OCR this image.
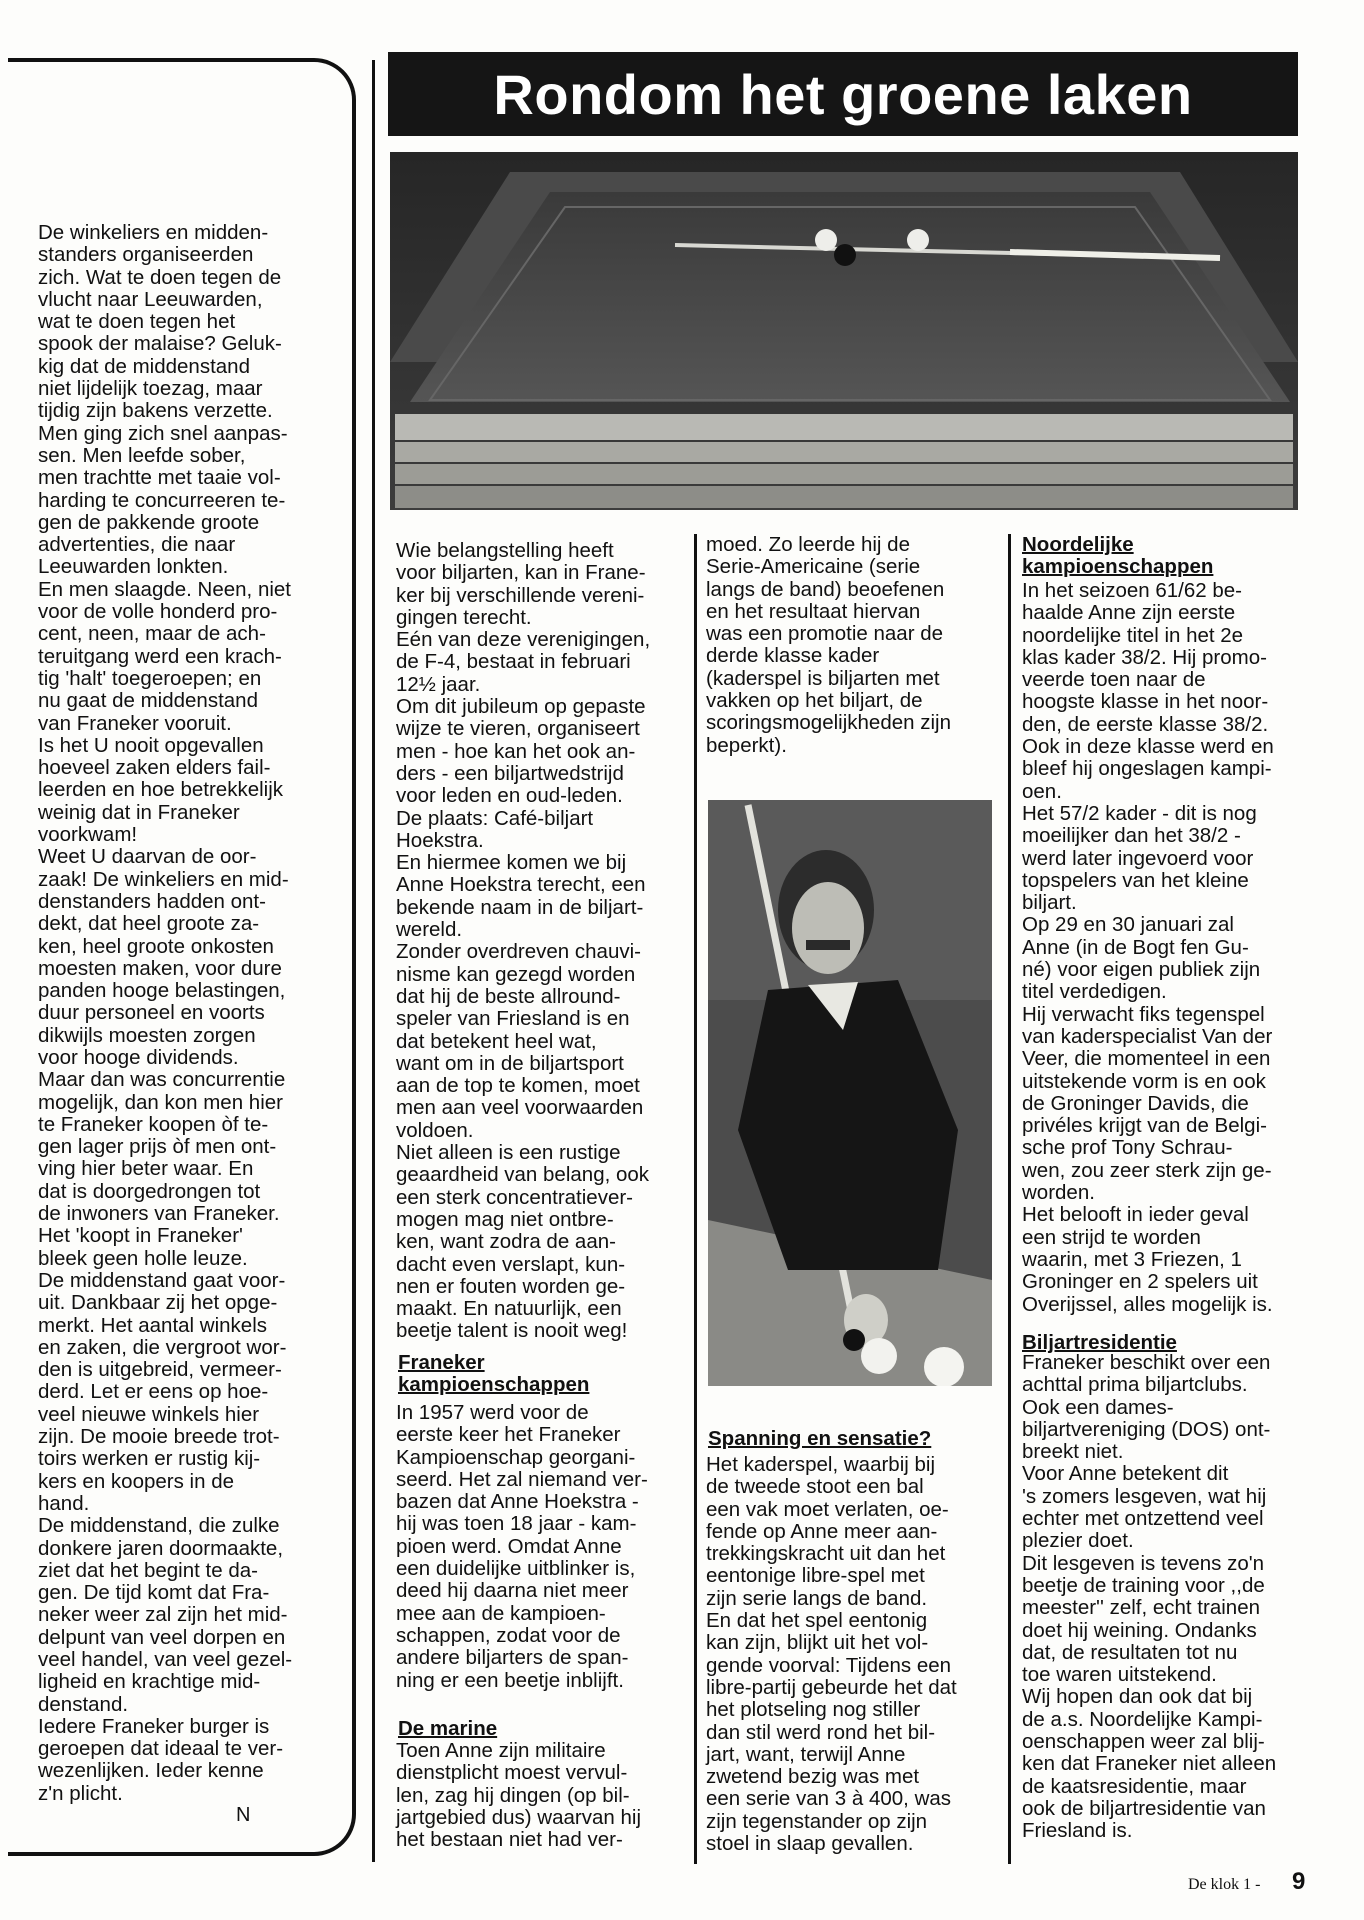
De winkeliers en midden-
standers organiseerden
zich. Wat te doen tegen de
vlucht naar Leeuwarden,
wat te doen tegen het
spook der malaise? Geluk-
kig dat de middenstand
niet lijdelijk toezag, maar
tijdig zijn bakens verzette.
Men ging zich snel aanpas-
sen. Men leefde sober,
men trachtte met taaie vol-
harding te concurreeren te-
gen de pakkende groote
advertenties, die naar
Leeuwarden lonkten.
En men slaagde. Neen, niet
voor de volle honderd pro-
cent, neen, maar de ach-
teruitgang werd een krach-
tig 'halt' toegeroepen; en
nu gaat de middenstand
van Franeker vooruit.
Is het U nooit opgevallen
hoeveel zaken elders fail-
leerden en hoe betrekkelijk
weinig dat in Franeker
voorkwam!
Weet U daarvan de oor-
zaak! De winkeliers en mid-
denstanders hadden ont-
dekt, dat heel groote za-
ken, heel groote onkosten
moesten maken, voor dure
panden hooge belastingen,
duur personeel en voorts
dikwijls moesten zorgen
voor hooge dividends.
Maar dan was concurrentie
mogelijk, dan kon men hier
te Franeker koopen òf te-
gen lager prijs òf men ont-
ving hier beter waar. En
dat is doorgedrongen tot
de inwoners van Franeker.
Het 'koopt in Franeker'
bleek geen holle leuze.
De middenstand gaat voor-
uit. Dankbaar zij het opge-
merkt. Het aantal winkels
en zaken, die vergroot wor-
den is uitgebreid, vermeer-
derd. Let er eens op hoe-
veel nieuwe winkels hier
zijn. De mooie breede trot-
toirs werken er rustig kij-
kers en koopers in de
hand.
De middenstand, die zulke
donkere jaren doormaakte,
ziet dat het begint te da-
gen. De tijd komt dat Fra-
neker weer zal zijn het mid-
delpunt van veel dorpen en
veel handel, van veel gezel-
ligheid en krachtige mid-
denstand.
Iedere Franeker burger is
geroepen dat ideaal te ver-
wezenlijken. Ieder kenne
z'n plicht.
N
Rondom het groene laken
Wie belangstelling heeft
voor biljarten, kan in Frane-
ker bij verschillende vereni-
gingen terecht.
Eén van deze verenigingen,
de F-4, bestaat in februari
12½ jaar.
Om dit jubileum op gepaste
wijze te vieren, organiseert
men - hoe kan het ook an-
ders - een biljartwedstrijd
voor leden en oud-leden.
De plaats: Café-biljart
Hoekstra.
En hiermee komen we bij
Anne Hoekstra terecht, een
bekende naam in de biljart-
wereld.
Zonder overdreven chauvi-
nisme kan gezegd worden
dat hij de beste allround-
speler van Friesland is en
dat betekent heel wat,
want om in de biljartsport
aan de top te komen, moet
men aan veel voorwaarden
voldoen.
Niet alleen is een rustige
geaardheid van belang, ook
een sterk concentratiever-
mogen mag niet ontbre-
ken, want zodra de aan-
dacht even verslapt, kun-
nen er fouten worden ge-
maakt. En natuurlijk, een
beetje talent is nooit weg!
Franeker
kampioenschappen
In 1957 werd voor de
eerste keer het Franeker
Kampioenschap georgani-
seerd. Het zal niemand ver-
bazen dat Anne Hoekstra -
hij was toen 18 jaar - kam-
pioen werd. Omdat Anne
een duidelijke uitblinker is,
deed hij daarna niet meer
mee aan de kampioen-
schappen, zodat voor de
andere biljarters de span-
ning er een beetje inblijft.
De marine
Toen Anne zijn militaire
dienstplicht moest vervul-
len, zag hij dingen (op bil-
jartgebied dus) waarvan hij
het bestaan niet had ver-
moed. Zo leerde hij de
Serie-Americaine (serie
langs de band) beoefenen
en het resultaat hiervan
was een promotie naar de
derde klasse kader
(kaderspel is biljarten met
vakken op het biljart, de
scoringsmogelijkheden zijn
beperkt).
Spanning en sensatie?
Het kaderspel, waarbij bij
de tweede stoot een bal
een vak moet verlaten, oe-
fende op Anne meer aan-
trekkingskracht uit dan het
eentonige libre-spel met
zijn serie langs de band.
En dat het spel eentonig
kan zijn, blijkt uit het vol-
gende voorval: Tijdens een
libre-partij gebeurde het dat
het plotseling nog stiller
dan stil werd rond het bil-
jart, want, terwijl Anne
zwetend bezig was met
een serie van 3 à 400, was
zijn tegenstander op zijn
stoel in slaap gevallen.
Noordelijke
kampioenschappen
In het seizoen 61/62 be-
haalde Anne zijn eerste
noordelijke titel in het 2e
klas kader 38/2. Hij promo-
veerde toen naar de
hoogste klasse in het noor-
den, de eerste klasse 38/2.
Ook in deze klasse werd en
bleef hij ongeslagen kampi-
oen.
Het 57/2 kader - dit is nog
moeilijker dan het 38/2 -
werd later ingevoerd voor
topspelers van het kleine
biljart.
Op 29 en 30 januari zal
Anne (in de Bogt fen Gu-
né) voor eigen publiek zijn
titel verdedigen.
Hij verwacht fiks tegenspel
van kaderspecialist Van der
Veer, die momenteel in een
uitstekende vorm is en ook
de Groninger Davids, die
privéles krijgt van de Belgi-
sche prof Tony Schrau-
wen, zou zeer sterk zijn ge-
worden.
Het belooft in ieder geval
een strijd te worden
waarin, met 3 Friezen, 1
Groninger en 2 spelers uit
Overijssel, alles mogelijk is.
Biljartresidentie
Franeker beschikt over een
achttal prima biljartclubs.
Ook een dames-
biljartvereniging (DOS) ont-
breekt niet.
Voor Anne betekent dit
's zomers lesgeven, wat hij
echter met ontzettend veel
plezier doet.
Dit lesgeven is tevens zo'n
beetje de training voor ,,de
meester'' zelf, echt trainen
doet hij weining. Ondanks
dat, de resultaten tot nu
toe waren uitstekend.
Wij hopen dan ook dat bij
de a.s. Noordelijke Kampi-
oenschappen weer zal blij-
ken dat Franeker niet alleen
de kaatsresidentie, maar
ook de biljartresidentie van
Friesland is.
De klok 1 - 9
